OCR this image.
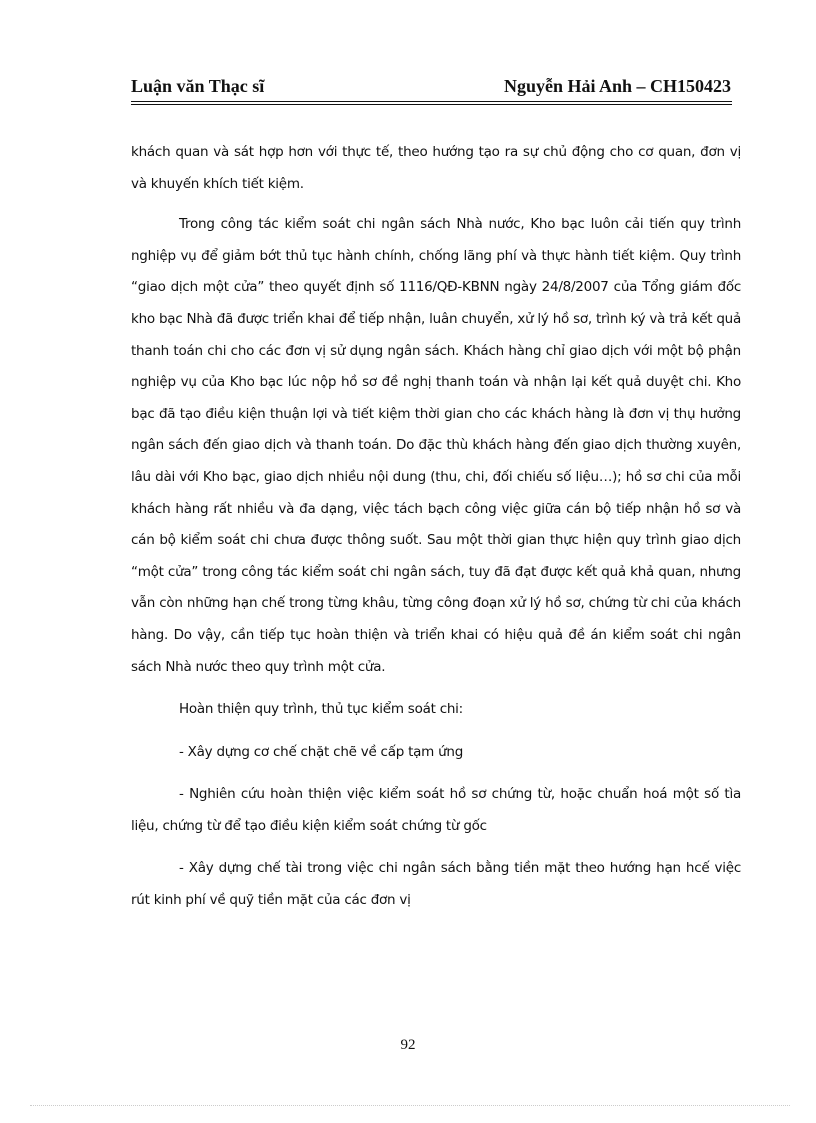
Luận văn Thạc sĩ	Nguyễn Hải Anh – CH150423

khách quan và sát hợp hơn với thực tế, theo hướng tạo ra sự chủ động cho cơ quan, đơn vị và khuyến khích tiết kiệm.

Trong công tác kiểm soát chi ngân sách Nhà nước, Kho bạc luôn cải tiến quy trình nghiệp vụ để giảm bớt thủ tục hành chính, chống lãng phí và thực hành tiết kiệm. Quy trình “giao dịch một cửa” theo quyết định số 1116/QĐ-KBNN ngày 24/8/2007 của Tổng giám đốc kho bạc Nhà đã được triển khai để tiếp nhận, luân chuyển, xử lý hồ sơ, trình ký và trả kết quả thanh toán chi cho các đơn vị sử dụng ngân sách. Khách hàng chỉ giao dịch với một bộ phận nghiệp vụ của Kho bạc lúc nộp hồ sơ đề nghị thanh toán và nhận lại kết quả duyệt chi. Kho bạc đã tạo điều kiện thuận lợi và tiết kiệm thời gian cho các khách hàng là đơn vị thụ hưởng ngân sách đến giao dịch và thanh toán. Do đặc thù khách hàng đến giao dịch thường xuyên, lâu dài với Kho bạc, giao dịch nhiều nội dung (thu, chi, đối chiếu số liệu…); hồ sơ chi của mỗi khách hàng rất nhiều và đa dạng, việc tách bạch công việc giữa cán bộ tiếp nhận hồ sơ và cán bộ kiểm soát chi chưa được thông suốt. Sau một thời gian thực hiện quy trình giao dịch “một cửa” trong công tác kiểm soát chi ngân sách, tuy đã đạt được kết quả khả quan, nhưng vẫn còn những hạn chế trong từng khâu, từng công đoạn xử lý hồ sơ, chứng từ chi của khách hàng. Do vậy, cần tiếp tục hoàn thiện và triển khai có hiệu quả đề án kiểm soát chi ngân sách Nhà nước theo quy trình một cửa.

Hoàn thiện quy trình, thủ tục kiểm soát chi:

- Xây dựng cơ chế chặt chẽ về cấp tạm ứng

- Nghiên cứu hoàn thiện việc kiểm soát hồ sơ chứng từ, hoặc chuẩn hoá một số tìa liệu, chứng từ để tạo điều kiện kiểm soát chứng từ gốc

- Xây dựng chế tài trong việc chi ngân sách bằng tiền mặt theo hướng hạn hcế việc rút kinh phí về quỹ tiền mặt của các đơn vị

92
